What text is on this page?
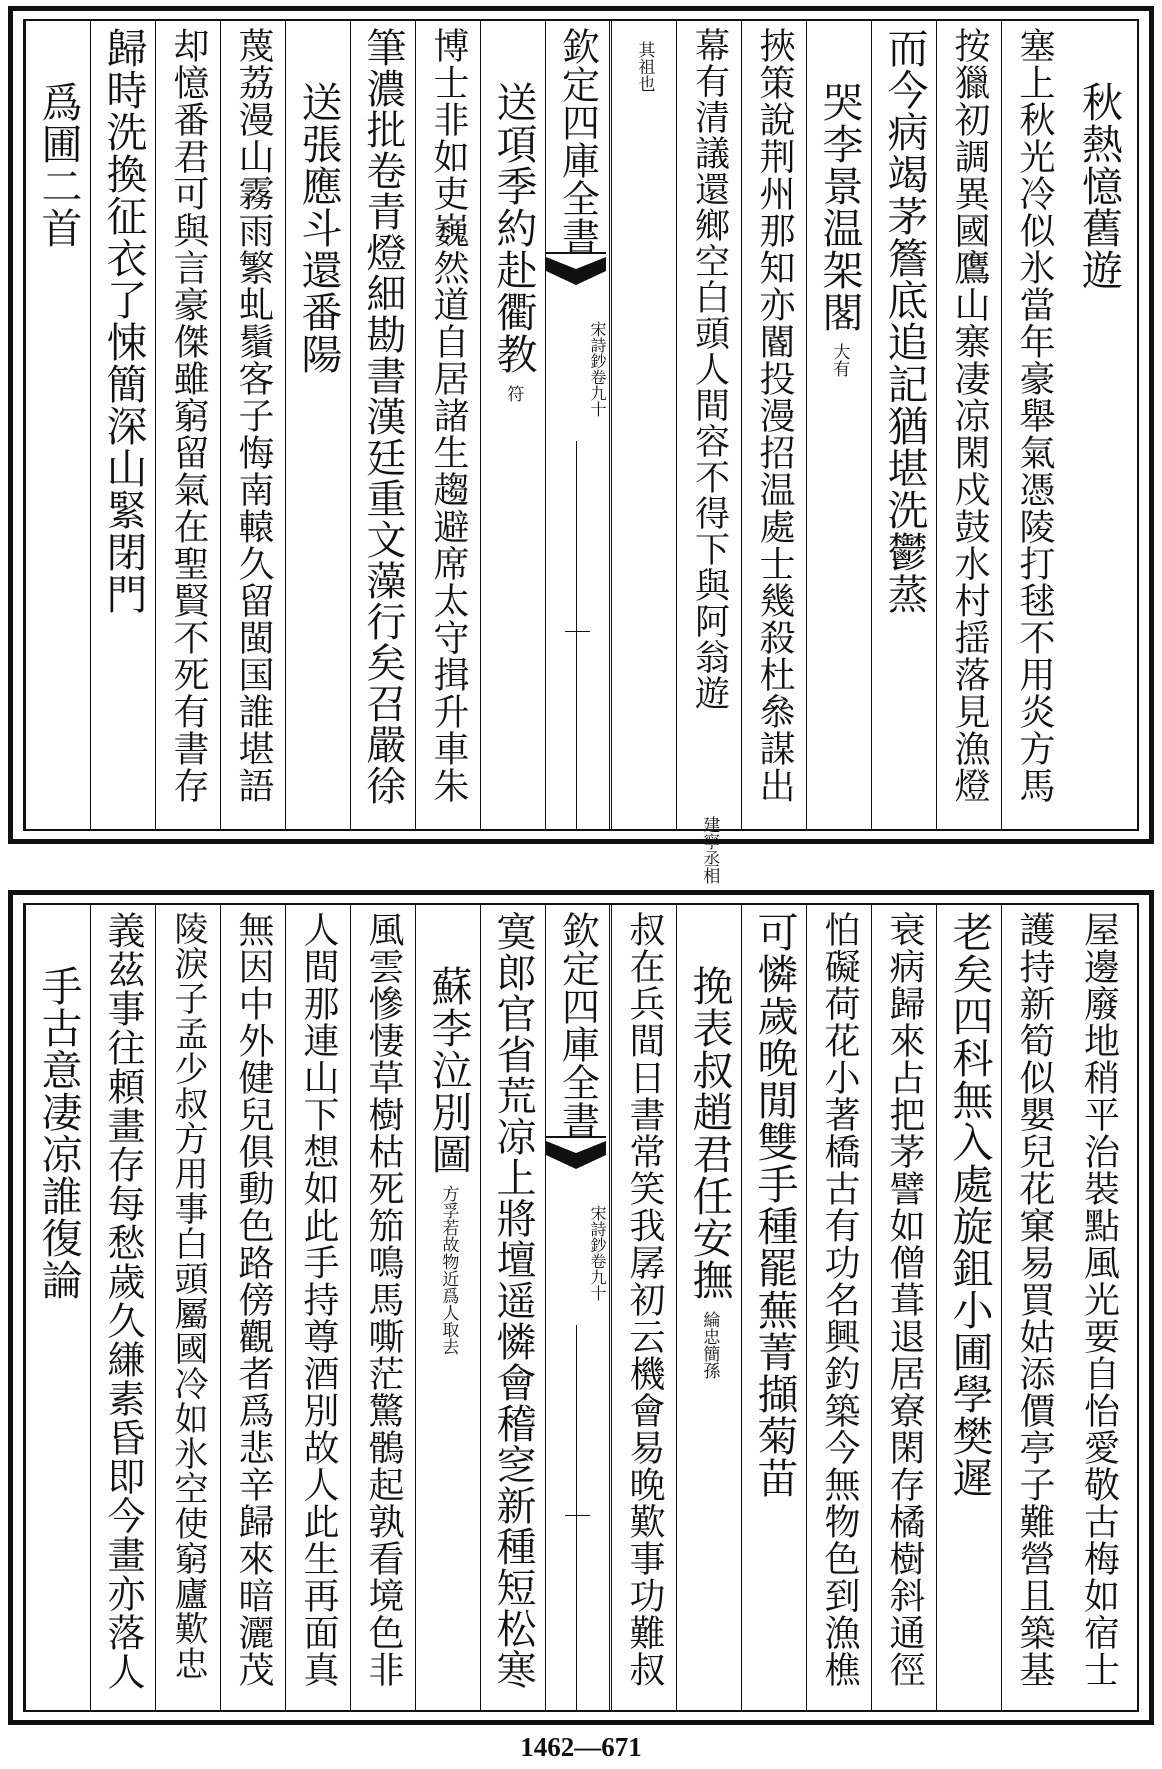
秋熱憶舊遊
塞上秋光冷似氷當年豪舉氣憑陵打毬不用炎方馬
按獵初調異國鷹山寨凄凉閑戍鼓水村揺落見漁燈
而今病竭茅簷底追記猶堪洗鬱蒸
哭李景温架閣
大有
挾策說荆州那知亦閽投漫招温處士幾殺杜叅謀出
幕有清議還鄉空白頭人間容不得下與阿翁遊
建寧丞相
其祖也
欽定四庫全書
宋詩鈔卷九十
送項季約赴衢教
符
博士非如吏巍然道自居諸生趨避席太守揖升車朱
筆濃批卷青燈細勘書漢廷重文藻行矣召嚴徐
送張應斗還番陽
蔑荔漫山霧雨繁虬鬚客子悔南轅久留閩国誰堪語
却憶番君可與言豪傑雖窮留氣在聖賢不死有書存
歸時洗換征衣了悚簡深山緊閉門
爲圃二首
屋邊廢地稍平治裝點風光要自怡愛敬古梅如宿士
護持新筍似嬰兒花窠易買姑添價亭子難營且築基
老矣四科無入處旋鉏小圃學樊遲
衰病歸來占把茅譬如僧葺退居寮閑存橘樹斜通徑
怕礙荷花小著橋古有功名興釣築今無物色到漁樵
可憐歲晚閒雙手種罷蕪菁擷菊苗
挽表叔趙君任安撫
綸忠簡孫
叔在兵間日書常笑我孱初云機會易晚歎事功難叔
欽定四庫全書
宋詩鈔卷九十
寞郎官省荒凉上將壇遥憐會稽窆新種短松寒
蘇李泣別圖
方孚若故物近爲人取去
風雲慘悽草樹枯死笳鳴馬嘶茫驚鶻起孰看境色非
人間那連山下想如此手持尊酒別故人此生再面真
無因中外健兒俱動色路傍觀者爲悲辛歸來暗灑茂
陵淚子孟少叔方用事白頭屬國冷如氷空使窮廬歎忠
義茲事往頼畫存每愁歲久縑素昏即今畫亦落人
手古意凄凉誰復論
1462—671
